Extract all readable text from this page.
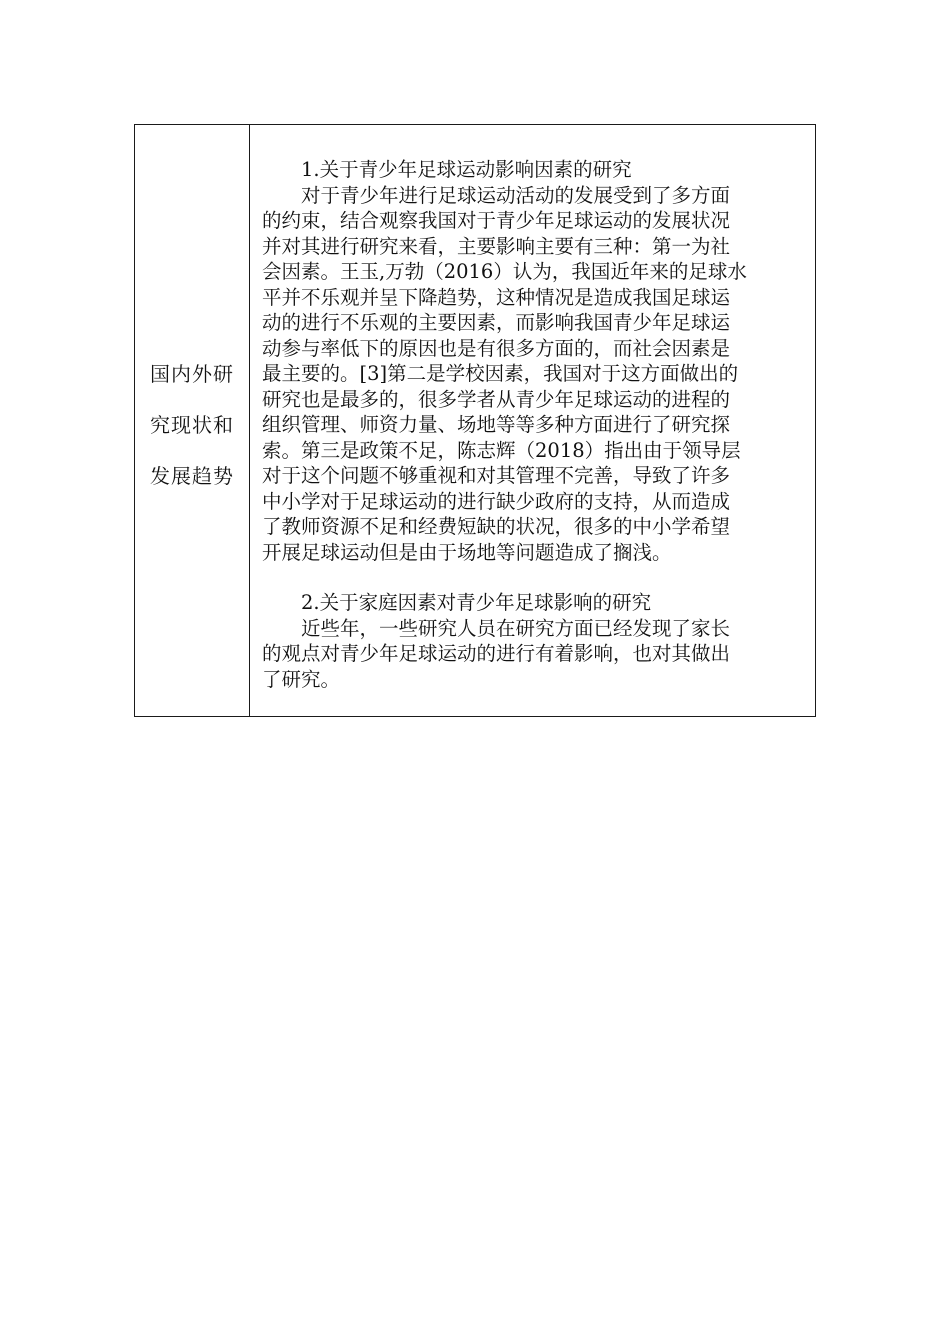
国内外研
究现状和
发展趋势

1.关于青少年足球运动影响因素的研究

对于青少年进行足球运动活动的发展受到了多方面
的约束，结合观察我国对于青少年足球运动的发展状况
并对其进行研究来看，主要影响主要有三种：第一为社
会因素。王玉,万勃（2016）认为，我国近年来的足球水
平并不乐观并呈下降趋势，这种情况是造成我国足球运
动的进行不乐观的主要因素，而影响我国青少年足球运
动参与率低下的原因也是有很多方面的，而社会因素是
最主要的。[3]第二是学校因素，我国对于这方面做出的
研究也是最多的，很多学者从青少年足球运动的进程的
组织管理、师资力量、场地等等多种方面进行了研究探
索。第三是政策不足，陈志辉（2018）指出由于领导层
对于这个问题不够重视和对其管理不完善，导致了许多
中小学对于足球运动的进行缺少政府的支持，从而造成
了教师资源不足和经费短缺的状况，很多的中小学希望
开展足球运动但是由于场地等问题造成了搁浅。

2.关于家庭因素对青少年足球影响的研究

近些年，一些研究人员在研究方面已经发现了家长
的观点对青少年足球运动的进行有着影响，也对其做出
了研究。
